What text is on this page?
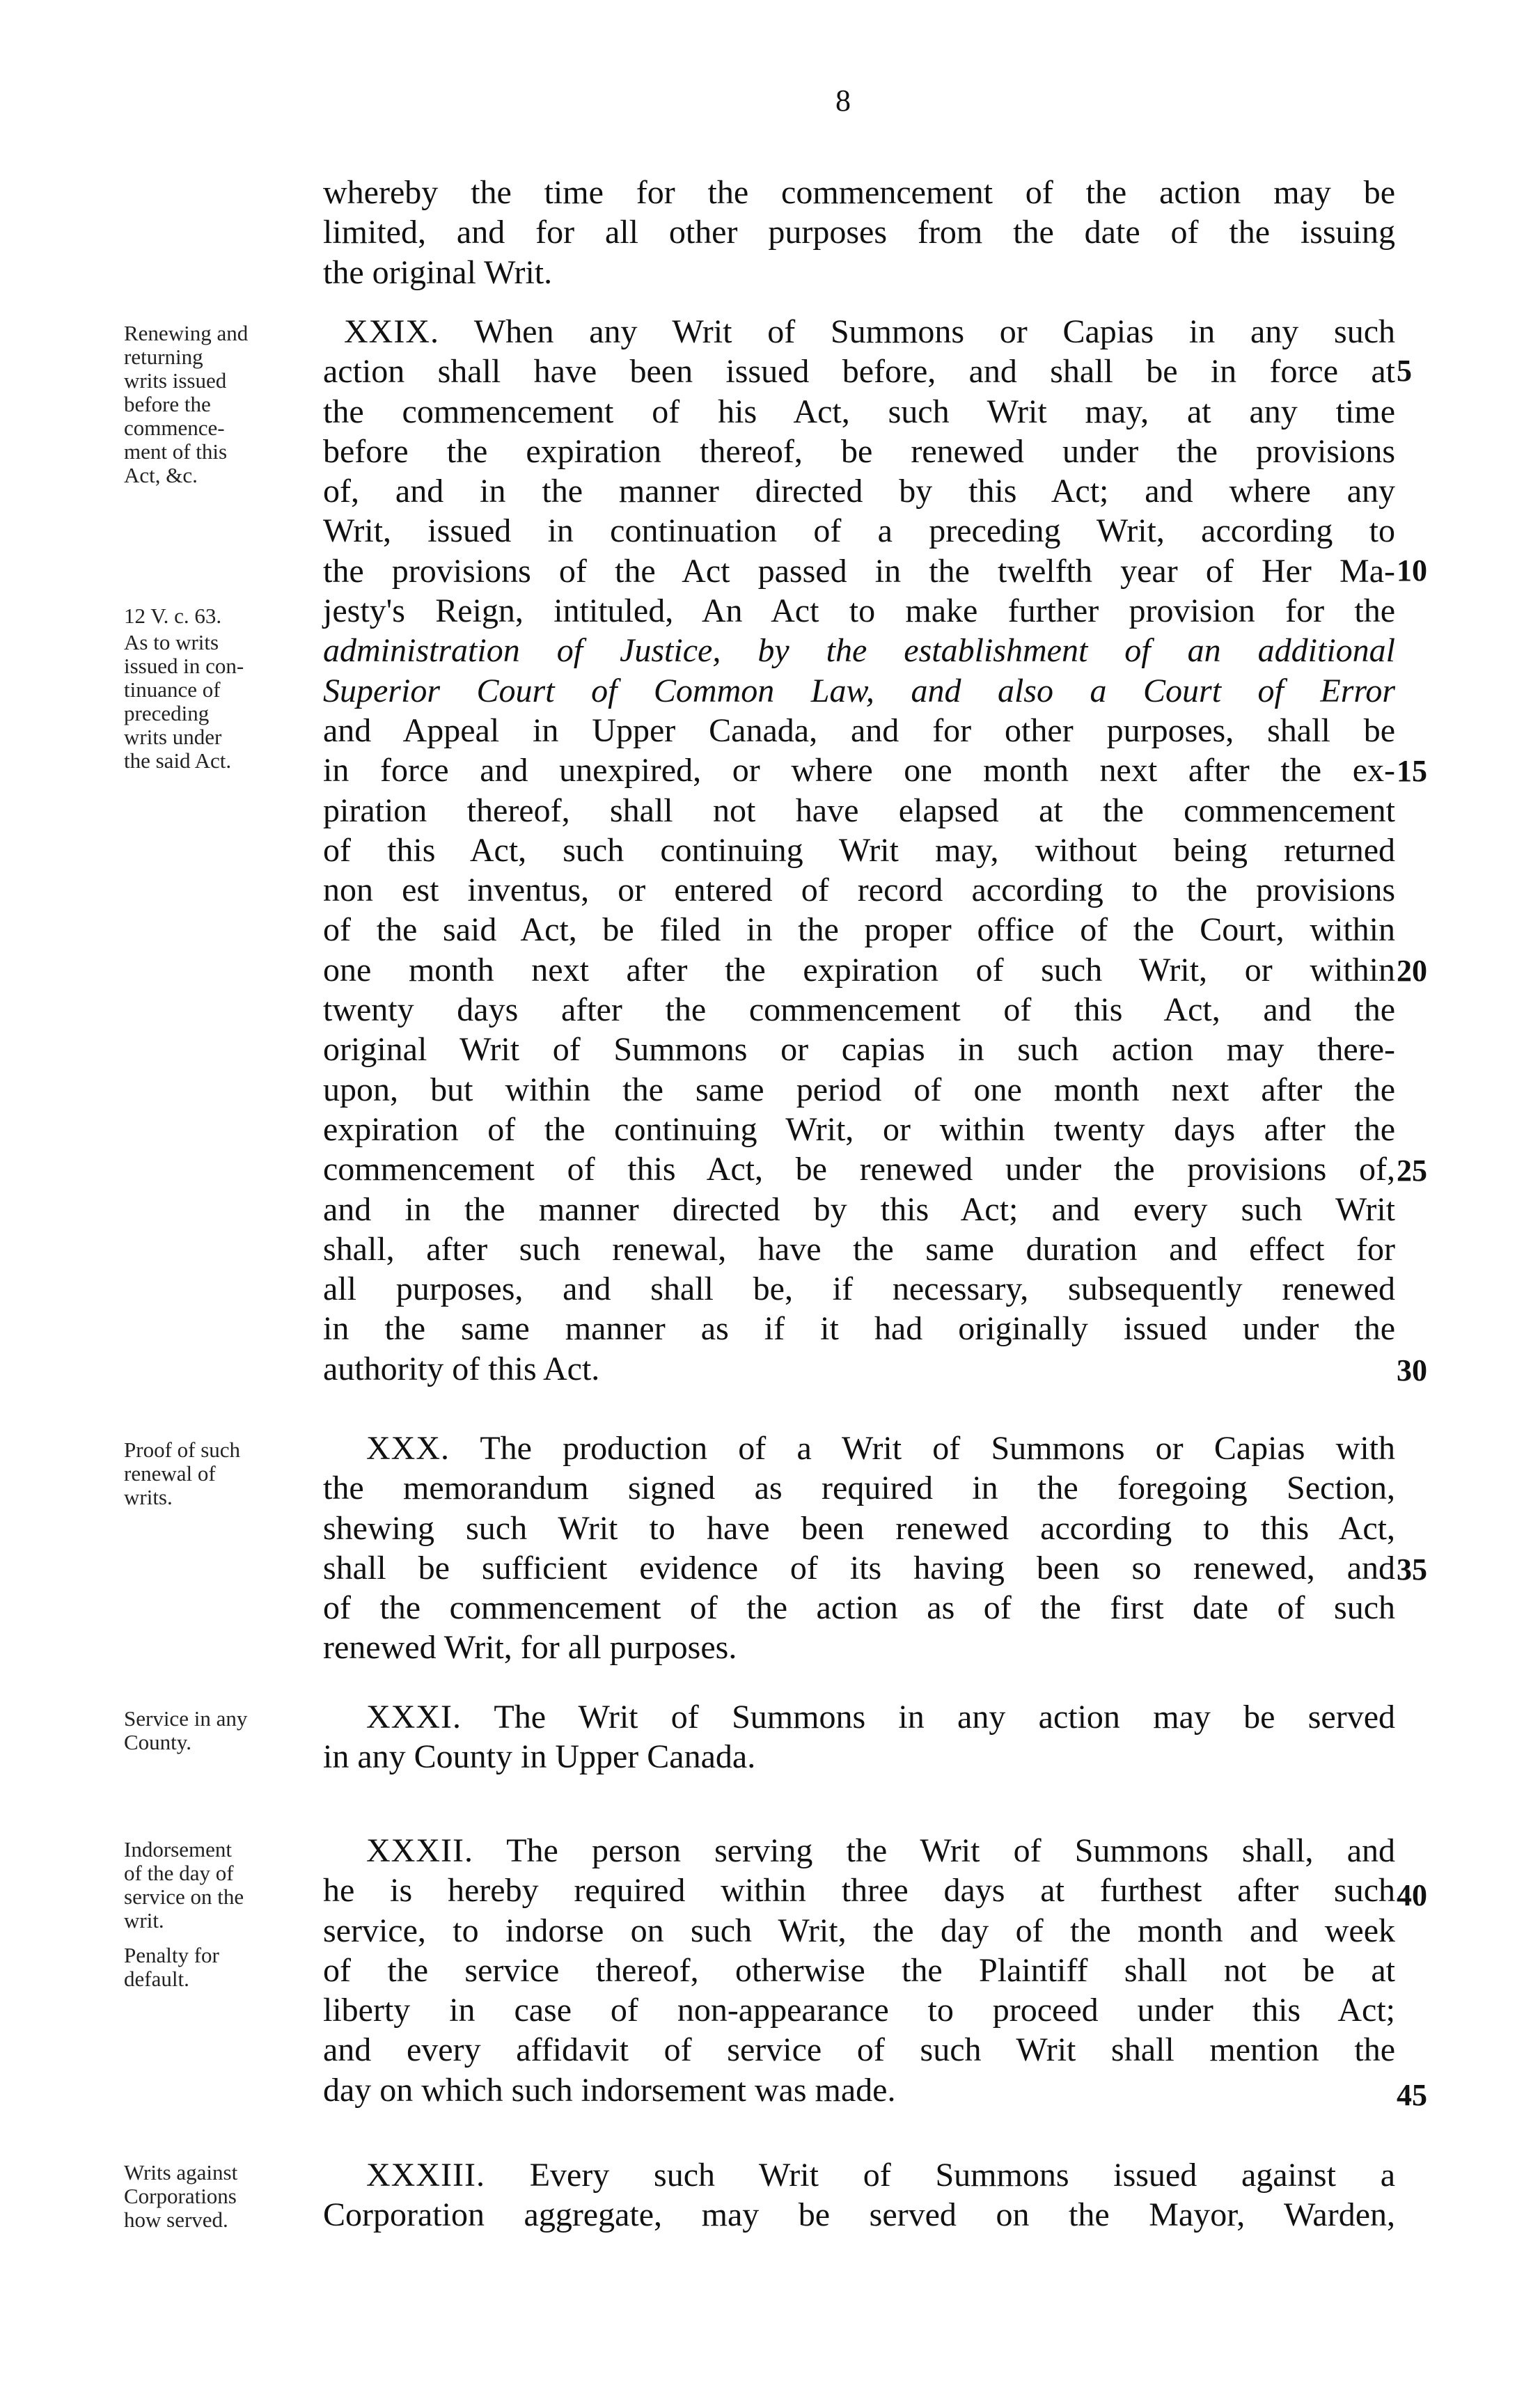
8
whereby the time for the commencement of the action may be
limited, and for all other purposes from the date of the issuing
the original Writ.
XXIX. When any Writ of Summons or Capias in any such
action shall have been issued before, and shall be in force at
the commencement of his Act, such Writ may, at any time
before the expiration thereof, be renewed under the provisions
of, and in the manner directed by this Act; and where any
Writ, issued in continuation of a preceding Writ, according to
the provisions of the Act passed in the twelfth year of Her Ma-
jesty's Reign, intituled, An Act to make further provision for the
administration of Justice, by the establishment of an additional
Superior Court of Common Law, and also a Court of Error
and Appeal in Upper Canada, and for other purposes, shall be
in force and unexpired, or where one month next after the ex-
piration thereof, shall not have elapsed at the commencement
of this Act, such continuing Writ may, without being returned
non est inventus, or entered of record according to the provisions
of the said Act, be filed in the proper office of the Court, within
one month next after the expiration of such Writ, or within
twenty days after the commencement of this Act, and the
original Writ of Summons or capias in such action may there-
upon, but within the same period of one month next after the
expiration of the continuing Writ, or within twenty days after the
commencement of this Act, be renewed under the provisions of,
and in the manner directed by this Act; and every such Writ
shall, after such renewal, have the same duration and effect for
all purposes, and shall be, if necessary, subsequently renewed
in the same manner as if it had originally issued under the
authority of this Act.
XXX. The production of a Writ of Summons or Capias with
the memorandum signed as required in the foregoing Section,
shewing such Writ to have been renewed according to this Act,
shall be sufficient evidence of its having been so renewed, and
of the commencement of the action as of the first date of such
renewed Writ, for all purposes.
XXXI. The Writ of Summons in any action may be served
in any County in Upper Canada.
XXXII. The person serving the Writ of Summons shall, and
he is hereby required within three days at furthest after such
service, to indorse on such Writ, the day of the month and week
of the service thereof, otherwise the Plaintiff shall not be at
liberty in case of non-appearance to proceed under this Act;
and every affidavit of service of such Writ shall mention the
day on which such indorsement was made.
XXXIII. Every such Writ of Summons issued against a
Corporation aggregate, may be served on the Mayor, Warden,
Renewing and
returning
writs issued
before the
commence-
ment of this
Act, &c.
12 V. c. 63.
As to writs
issued in con-
tinuance of
preceding
writs under
the said Act.
Proof of such
renewal of
writs.
Service in any
County.
Indorsement
of the day of
service on the
writ.
Penalty for
default.
Writs against
Corporations
how served.
5
10
15
20
25
30
35
40
45
